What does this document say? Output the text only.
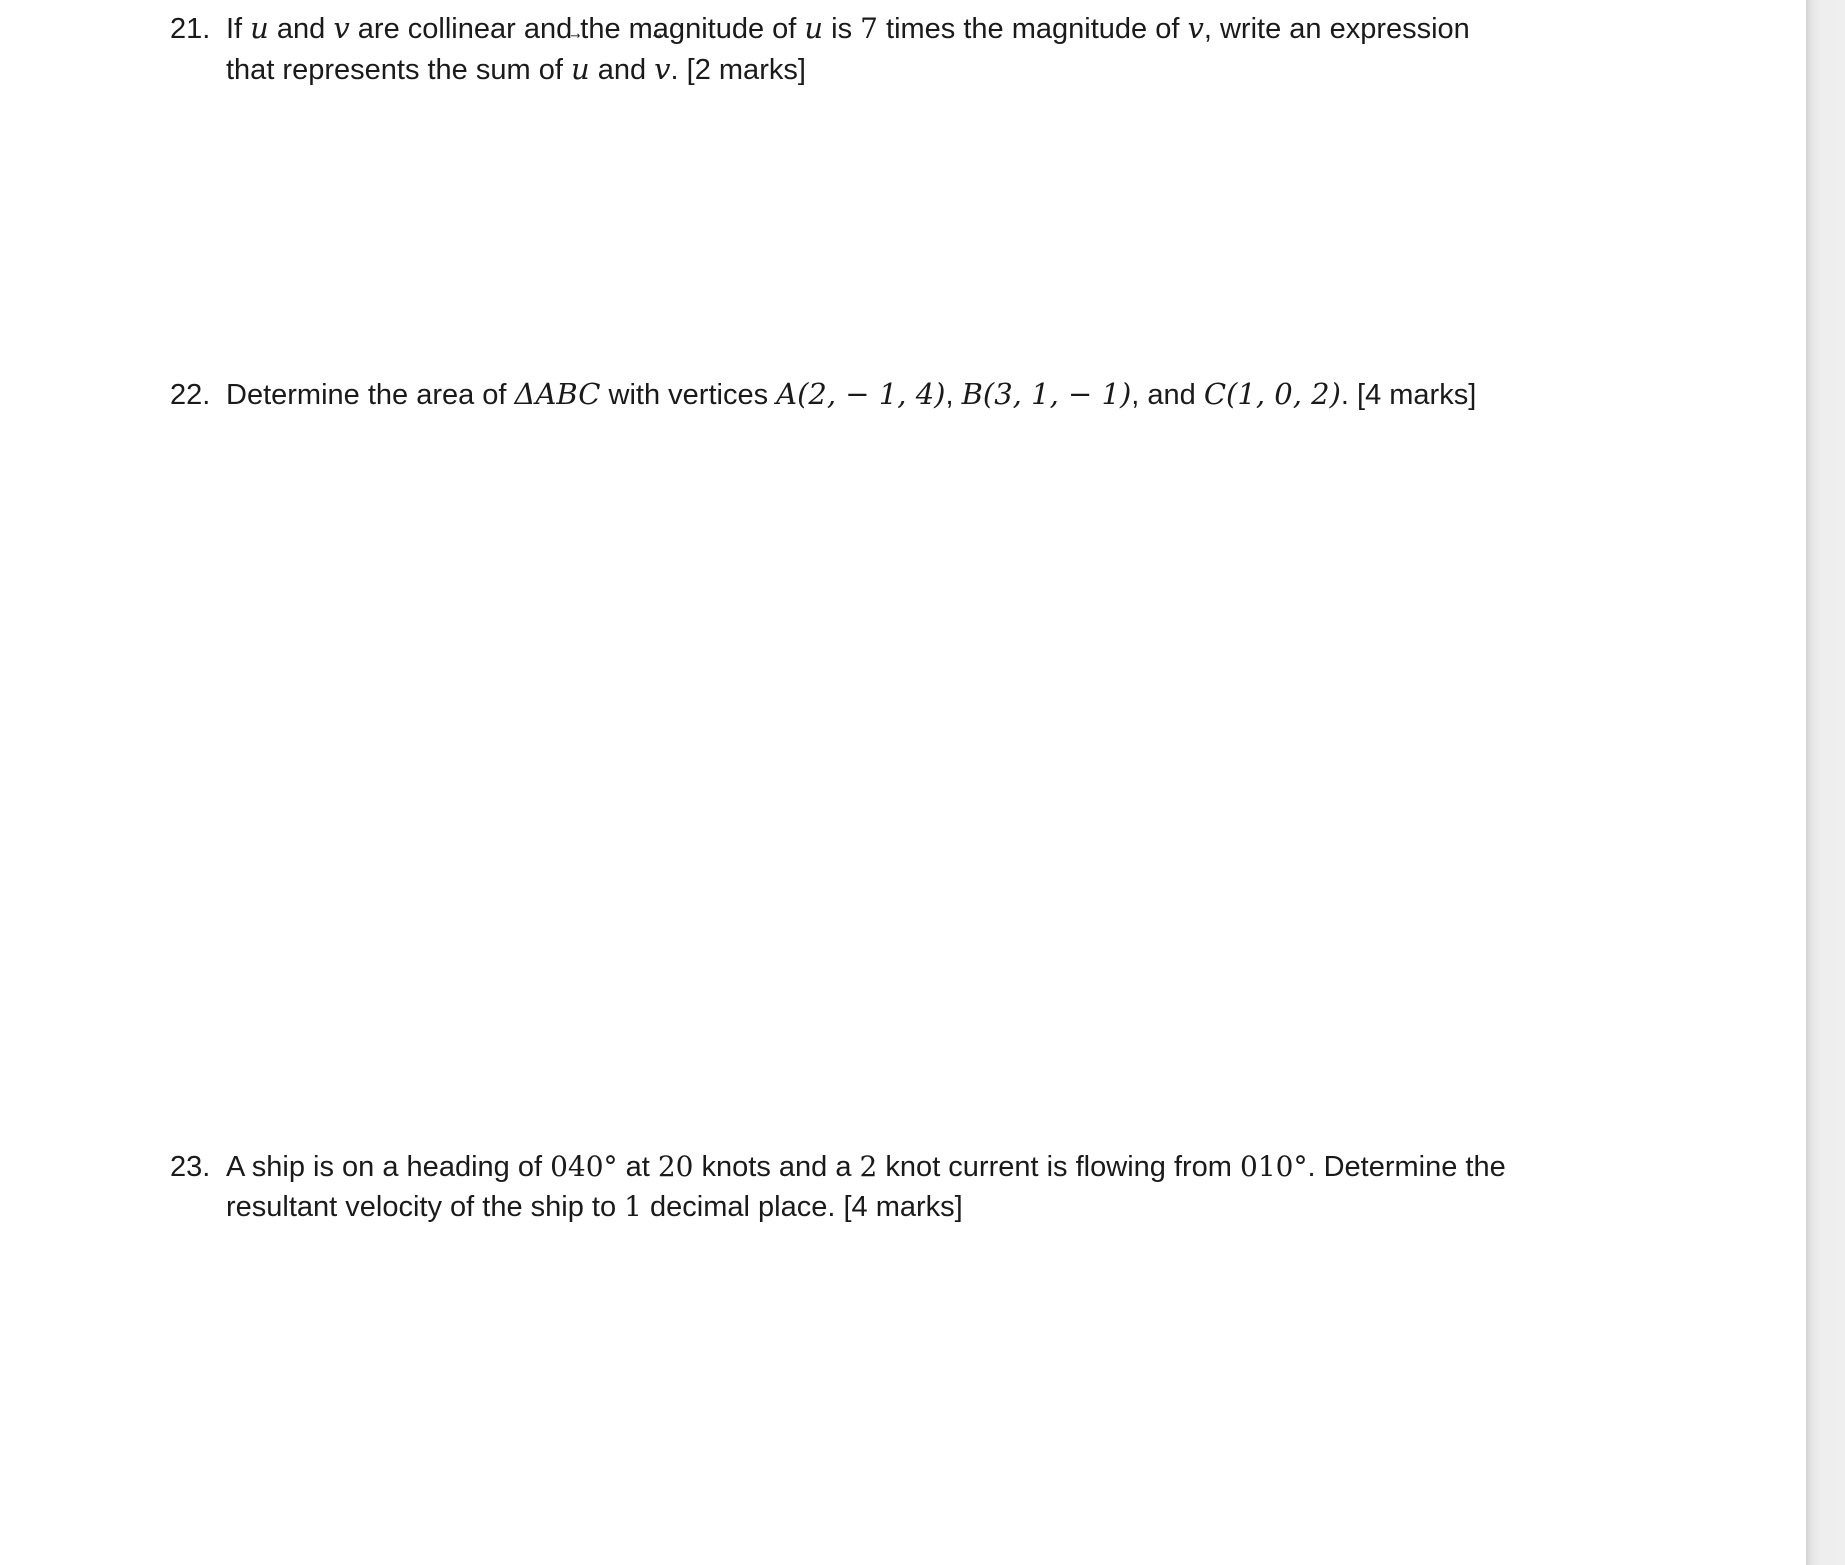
21. If
u and
v are collinear and the magnitude of
u is 7 times the magnitude of
v, write an expression
that represents the sum of
u and
v. [2 marks]
22. Determine the area of ΔABC with vertices A(2, − 1, 4), B(3, 1, − 1), and C(1, 0, 2). [4 marks]
23. A ship is on a heading of 040° at 20 knots and a 2 knot current is flowing from 010°. Determine the
resultant velocity of the ship to 1 decimal place. [4 marks]
